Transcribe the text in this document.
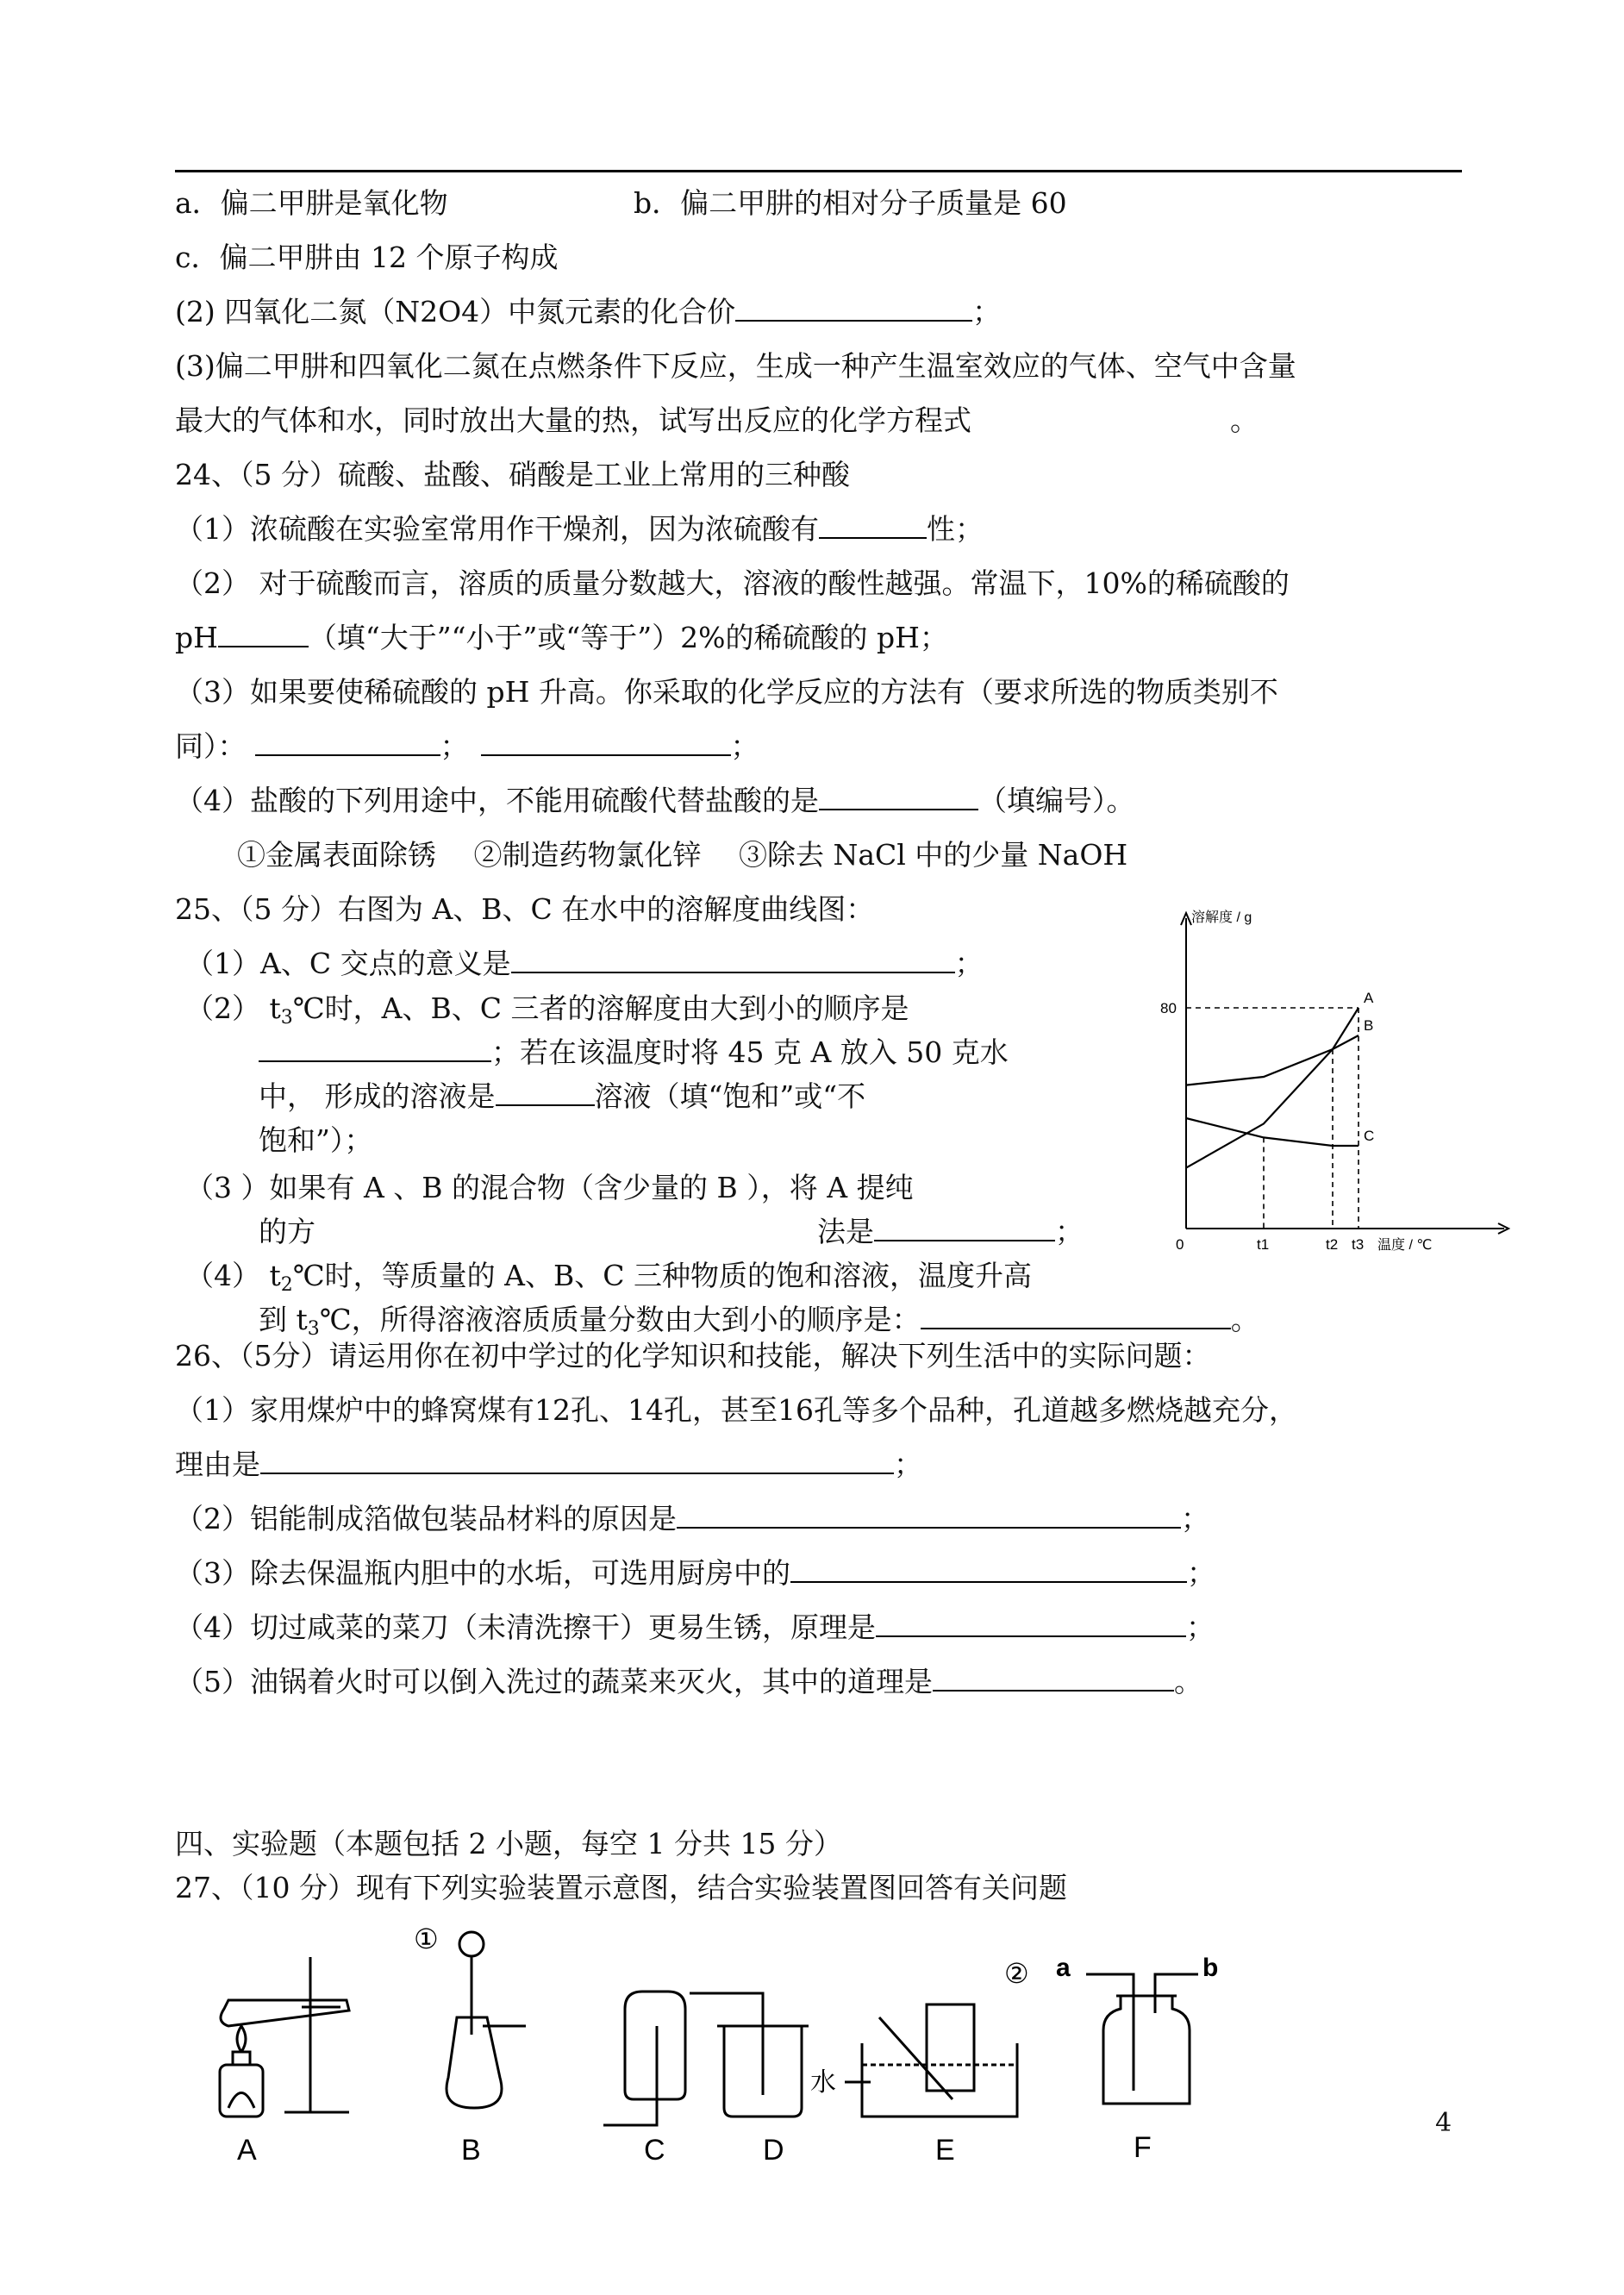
a．偏二甲肼是氧化物	b．偏二甲肼的相对分子质量是 60
c．偏二甲肼由 12 个原子构成
(2) 四氧化二氮（N2O4）中氮元素的化合价	；
(3)偏二甲肼和四氧化二氮在点燃条件下反应，生成一种产生温室效应的气体、空气中含量
最大的气体和水，同时放出大量的热，试写出反应的化学方程式	。
24、（5 分）硫酸、盐酸、硝酸是工业上常用的三种酸
（1）浓硫酸在实验室常用作干燥剂，因为浓硫酸有	性；
（2） 对于硫酸而言，溶质的质量分数越大，溶液的酸性越强。常温下，10%的稀硫酸的
pH	（填“大于”“小于”或“等于”）2%的稀硫酸的 pH；
（3）如果要使稀硫酸的 pH 升高。你采取的化学反应的方法有（要求所选的物质类别不
同）：	；	；
（4）盐酸的下列用途中，不能用硫酸代替盐酸的是	（填编号）。
①金属表面除锈　 ②制造药物氯化锌　 ③除去 NaCl 中的少量 NaOH
25、（5 分）右图为 A、B、C 在水中的溶解度曲线图：
（1）A、C 交点的意义是	；
（2） $t_3℃$时，A、B、C 三者的溶解度由大到小的顺序是
；若在该温度时将 45 克 A 放入 50 克水
中， 形成的溶液是	溶液（填“饱和”或“不
饱和”）；
（3 ）如果有 A 、B 的混合物（含少量的 B ），将 A 提纯
的方	法是	；
（4） $t_2℃$时，等质量的 A、B、C 三种物质的饱和溶液，温度升高
到 $t_3℃$，所得溶液溶质质量分数由大到小的顺序是：	。
A
B
C
80
溶解度 / g
0	t1	t2 t3 温度 / ℃
26、（5分）请运用你在初中学过的化学知识和技能，解决下列生活中的实际问题：
（1）家用煤炉中的蜂窝煤有12孔、14孔，甚至16孔等多个品种，孔道越多燃烧越充分，
理由是	；
（2）铝能制成箔做包装品材料的原因是	；
（3）除去保温瓶内胆中的水垢，可选用厨房中的	；
（4）切过咸菜的菜刀（未清洗擦干）更易生锈，原理是	；
（5）油锅着火时可以倒入洗过的蔬菜来灭火，其中的道理是	。
四、实验题（本题包括 2 小题，每空 1 分共 15 分）
27、（10 分）现有下列实验装置示意图，结合实验装置图回答有关问题
A	B	C	D	E	F
①
②
水
a	b
4
